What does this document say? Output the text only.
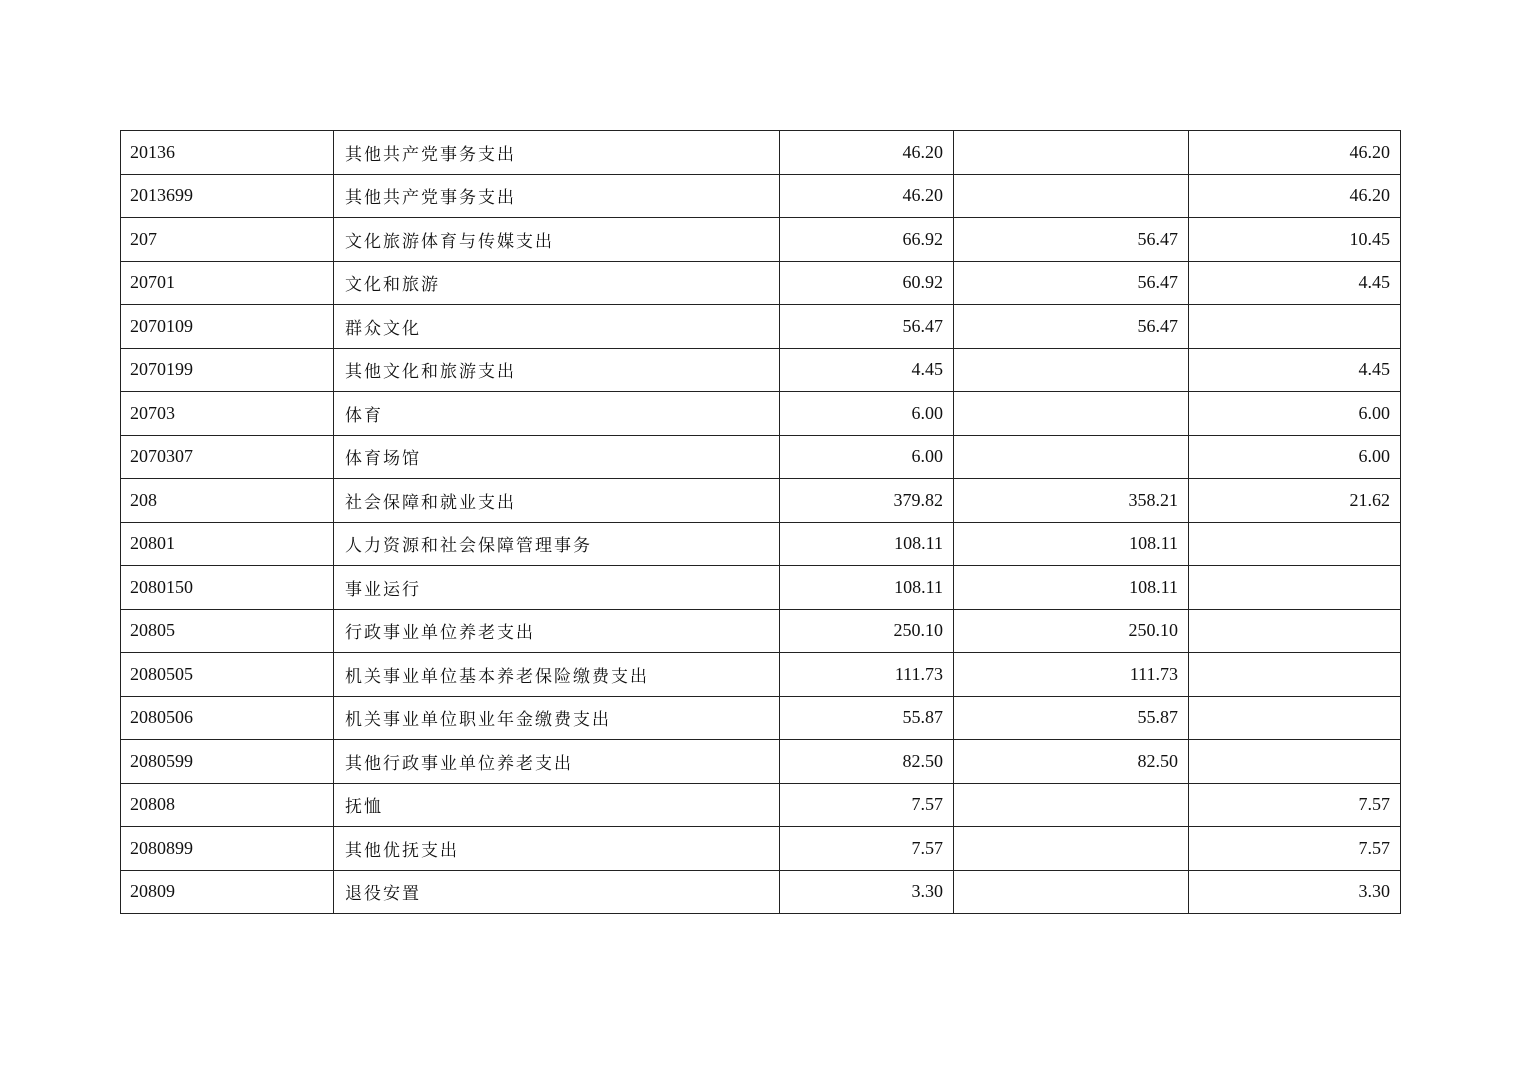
20136	其他共产党事务支出	46.20		46.20
2013699	其他共产党事务支出	46.20		46.20
207	文化旅游体育与传媒支出	66.92	56.47	10.45
20701	文化和旅游	60.92	56.47	4.45
2070109	群众文化	56.47	56.47	
2070199	其他文化和旅游支出	4.45		4.45
20703	体育	6.00		6.00
2070307	体育场馆	6.00		6.00
208	社会保障和就业支出	379.82	358.21	21.62
20801	人力资源和社会保障管理事务	108.11	108.11	
2080150	事业运行	108.11	108.11	
20805	行政事业单位养老支出	250.10	250.10	
2080505	机关事业单位基本养老保险缴费支出	111.73	111.73	
2080506	机关事业单位职业年金缴费支出	55.87	55.87	
2080599	其他行政事业单位养老支出	82.50	82.50	
20808	抚恤	7.57		7.57
2080899	其他优抚支出	7.57		7.57
20809	退役安置	3.30		3.30
